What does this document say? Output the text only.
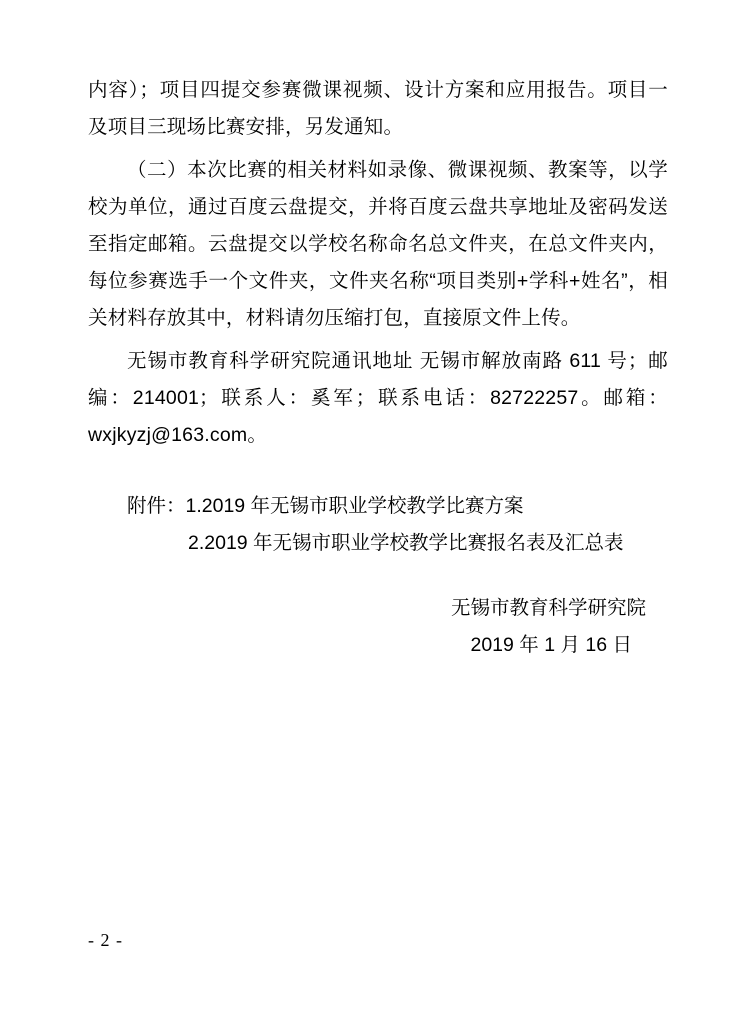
内容）；项目四提交参赛微课视频、设计方案和应用报告。项目一及项目三现场比赛安排，另发通知。

（二）本次比赛的相关材料如录像、微课视频、教案等，以学校为单位，通过百度云盘提交，并将百度云盘共享地址及密码发送至指定邮箱。云盘提交以学校名称命名总文件夹，在总文件夹内，每位参赛选手一个文件夹，文件夹名称“项目类别+学科+姓名”，相关材料存放其中，材料请勿压缩打包，直接原文件上传。

无锡市教育科学研究院通讯地址 无锡市解放南路 611 号；邮编：214001；联系人：奚军；联系电话：82722257。邮箱：wxjkyzj@163.com。

附件：1.2019 年无锡市职业学校教学比赛方案

2.2019 年无锡市职业学校教学比赛报名表及汇总表

无锡市教育科学研究院

2019 年 1 月 16 日

- 2 -
